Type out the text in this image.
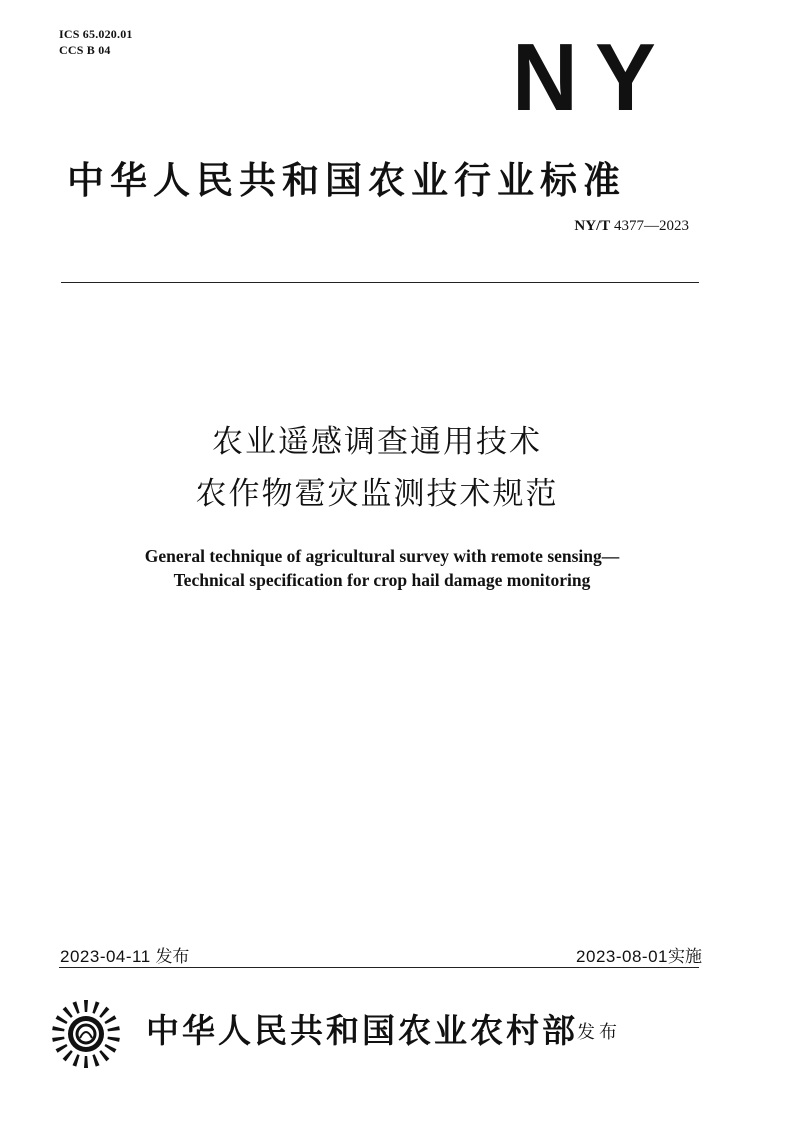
ICS 65.020.01
CCS B 04	NY
中华人民共和国农业行业标准
NY/T 4377—2023
农业遥感调查通用技术
农作物雹灾监测技术规范
General technique of agricultural survey with remote sensing—
Technical specification for crop hail damage monitoring
2023-04-11 发布	2023-08-01实施
中华人民共和国农业农村部 发布
